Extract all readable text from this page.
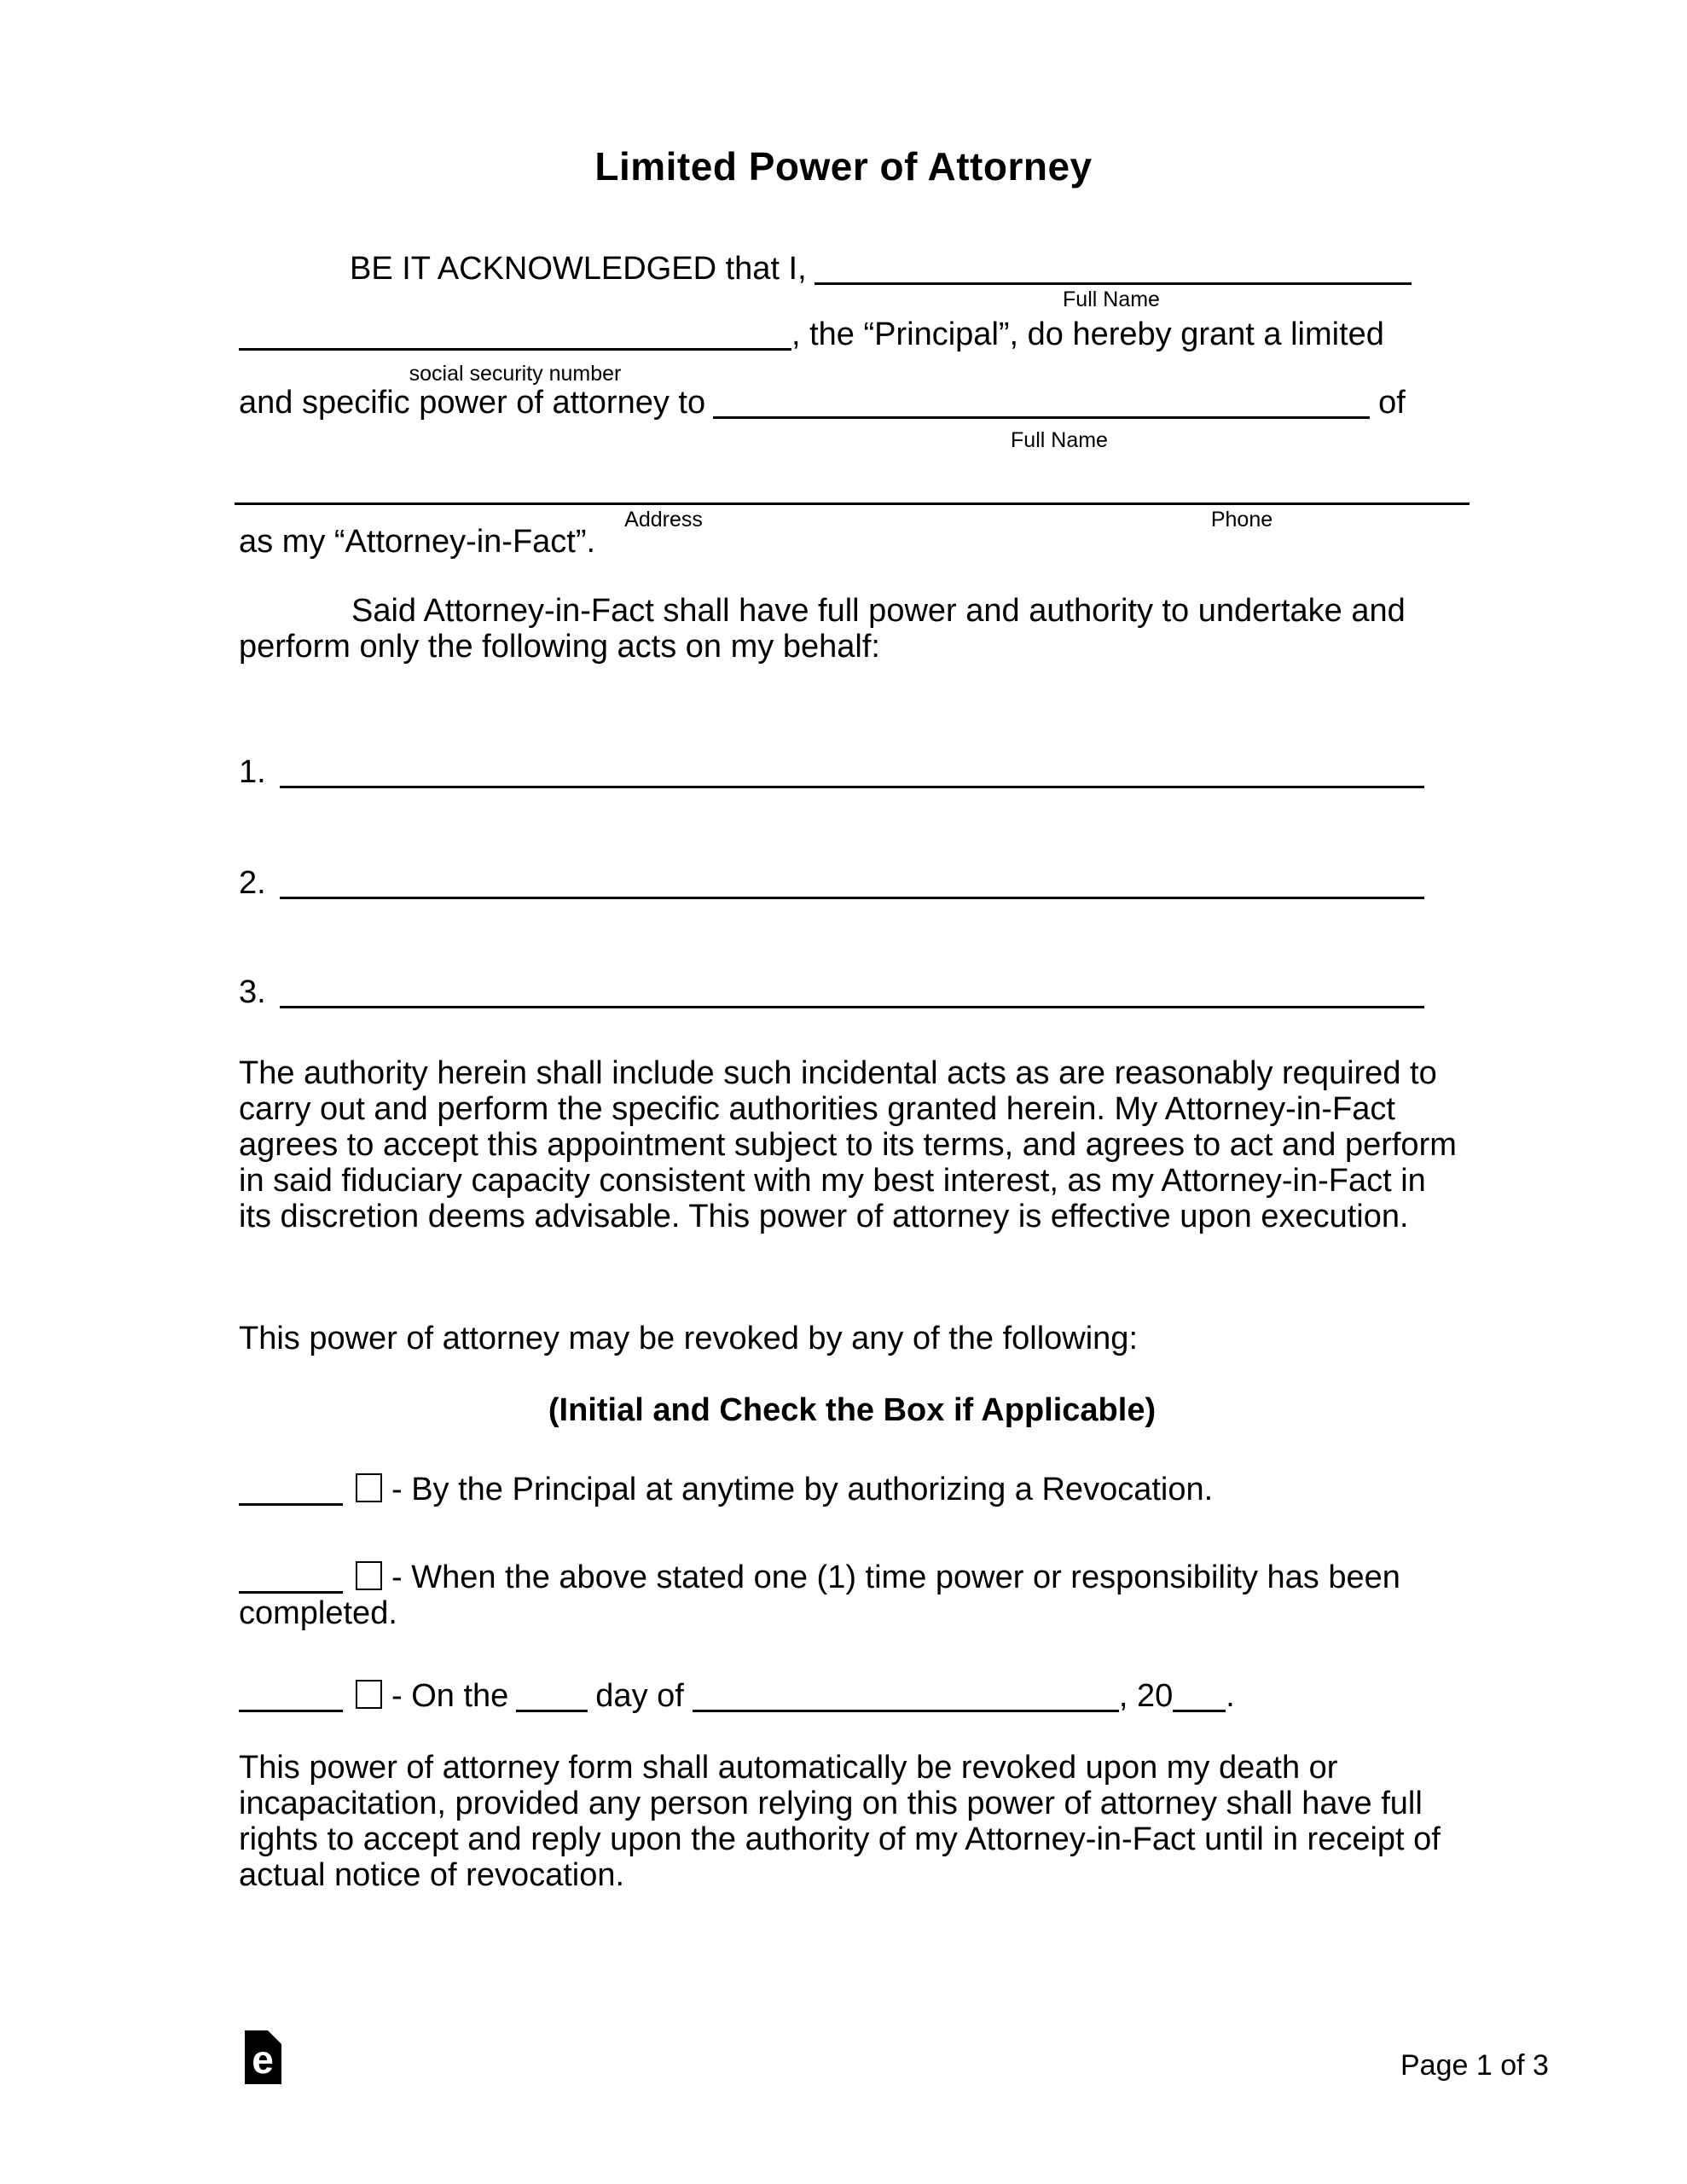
Limited Power of Attorney
BE IT ACKNOWLEDGED that I,
Full Name
, the “Principal”, do hereby grant a limited
social security number
and specific power of attorney to	of
Full Name
Address	Phone
as my “Attorney-in-Fact”.
Said Attorney-in-Fact shall have full power and authority to undertake and perform only the following acts on my behalf:
1.
2.
3.
The authority herein shall include such incidental acts as are reasonably required to carry out and perform the specific authorities granted herein. My Attorney-in-Fact agrees to accept this appointment subject to its terms, and agrees to act and perform in said fiduciary capacity consistent with my best interest, as my Attorney-in-Fact in its discretion deems advisable. This power of attorney is effective upon execution.
This power of attorney may be revoked by any of the following:
(Initial and Check the Box if Applicable)
- By the Principal at anytime by authorizing a Revocation.
- When the above stated one (1) time power or responsibility has been completed.
- On the	day of	, 20 .
This power of attorney form shall automatically be revoked upon my death or incapacitation, provided any person relying on this power of attorney shall have full rights to accept and reply upon the authority of my Attorney-in-Fact until in receipt of actual notice of revocation.
e	Page 1 of 3
